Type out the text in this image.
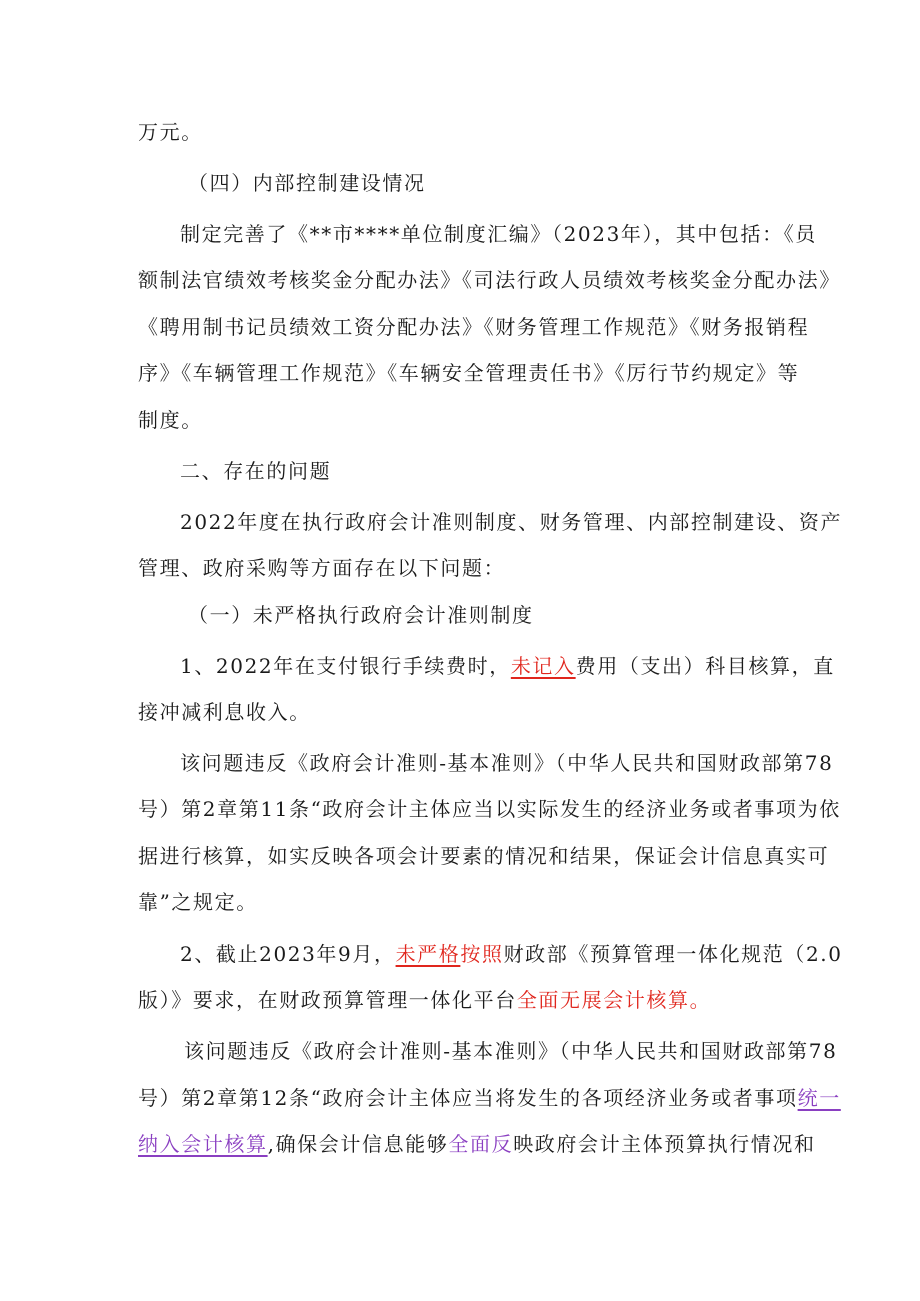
万元。
（四）内部控制建设情况
制定完善了《**市****单位制度汇编》（2023年），其中包括：《员
额制法官绩效考核奖金分配办法》《司法行政人员绩效考核奖金分配办法》
《聘用制书记员绩效工资分配办法》《财务管理工作规范》《财务报销程
序》《车辆管理工作规范》《车辆安全管理责任书》《厉行节约规定》等
制度。
二、存在的问题
2022年度在执行政府会计准则制度、财务管理、内部控制建设、资产
管理、政府采购等方面存在以下问题：
（一）未严格执行政府会计准则制度
1、2022年在支付银行手续费时，未记入费用（支出）科目核算，直
接冲减利息收入。
该问题违反《政府会计准则-基本准则》（中华人民共和国财政部第78
号）第2章第11条“政府会计主体应当以实际发生的经济业务或者事项为依
据进行核算，如实反映各项会计要素的情况和结果，保证会计信息真实可
靠”之规定。
2、截止2023年9月，未严格按照财政部《预算管理一体化规范（2.0
版）》要求，在财政预算管理一体化平台全面无展会计核算。
该问题违反《政府会计准则-基本准则》（中华人民共和国财政部第78
号）第2章第12条“政府会计主体应当将发生的各项经济业务或者事项统一
纳入会计核算,确保会计信息能够全面反映政府会计主体预算执行情况和
